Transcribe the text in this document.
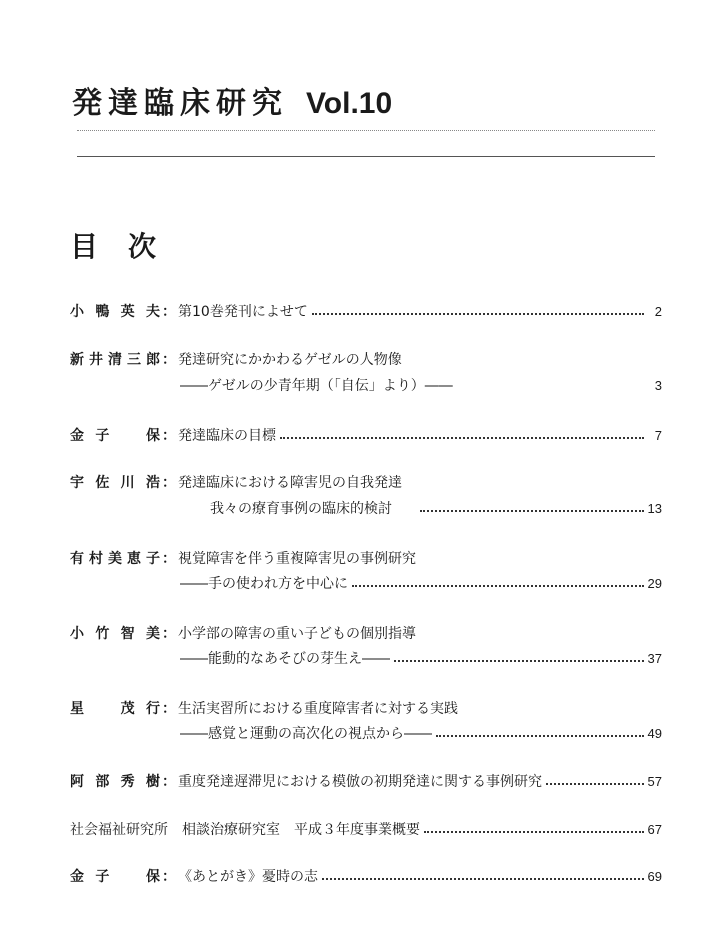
発達臨床研究 Vol.10
目次
小鴨英夫 ： 第10巻発刊によせて	2
新井清三郎 ： 発達研究にかかわるゲゼルの人物像
――ゲゼルの少青年期（「自伝」より）――	3
金子　保 ： 発達臨床の目標	7
宇佐川浩 ： 発達臨床における障害児の自我発達
我々の療育事例の臨床的検討	13
有村美恵子 ： 視覚障害を伴う重複障害児の事例研究
――手の使われ方を中心に	29
小竹智美 ： 小学部の障害の重い子どもの個別指導
――能動的なあそびの芽生え――	37
星　茂行 ： 生活実習所における重度障害者に対する実践
――感覚と運動の高次化の視点から――	49
阿部秀樹 ： 重度発達遅滞児における模倣の初期発達に関する事例研究	57
社会福祉研究所　相談治療研究室　平成３年度事業概要	67
金子　保 ： 《あとがき》憂時の志	69
